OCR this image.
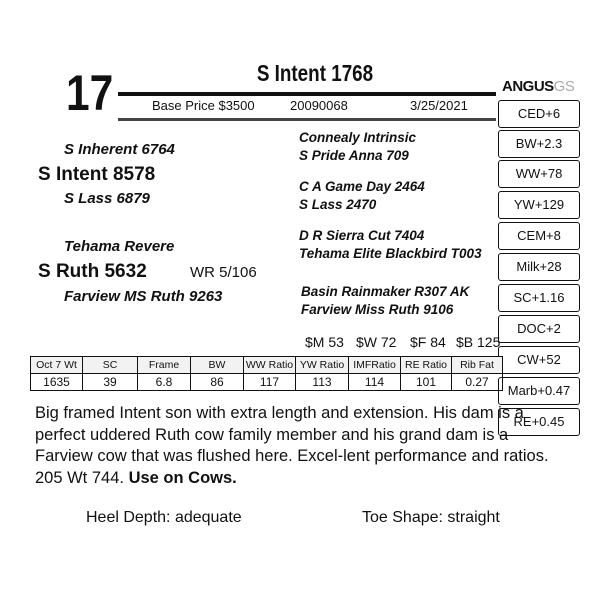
17	S Intent 1768
Base Price $3500	20090068	3/25/2021
ANGUSGS
S Inherent 6764
S Intent 8578
S Lass 6879
Tehama Revere
S Ruth 5632	WR 5/106
Farview MS Ruth 9263
Connealy Intrinsic
S Pride Anna 709
C A Game Day 2464
S Lass 2470
D R Sierra Cut 7404
Tehama Elite Blackbird T003
Basin Rainmaker R307 AK
Farview Miss Ruth 9106
CED+6
BW+2.3
WW+78
YW+129
CEM+8
Milk+28
SC+1.16
DOC+2
CW+52
Marb+0.47
RE+0.45
$M 53 $W 72 $F 84 $B 125
Oct 7 Wt	SC	Frame	BW	WW Ratio	YW Ratio	IMFRatio	RE Ratio	Rib Fat
1635	39	6.8	86	117	113	114	101	0.27
Big framed Intent son with extra length and extension. His dam is a perfect uddered Ruth cow family member and his grand dam is a Farview cow that was flushed here. Excel-lent performance and ratios. 205 Wt 744. Use on Cows.
Heel Depth: adequate	Toe Shape: straight
